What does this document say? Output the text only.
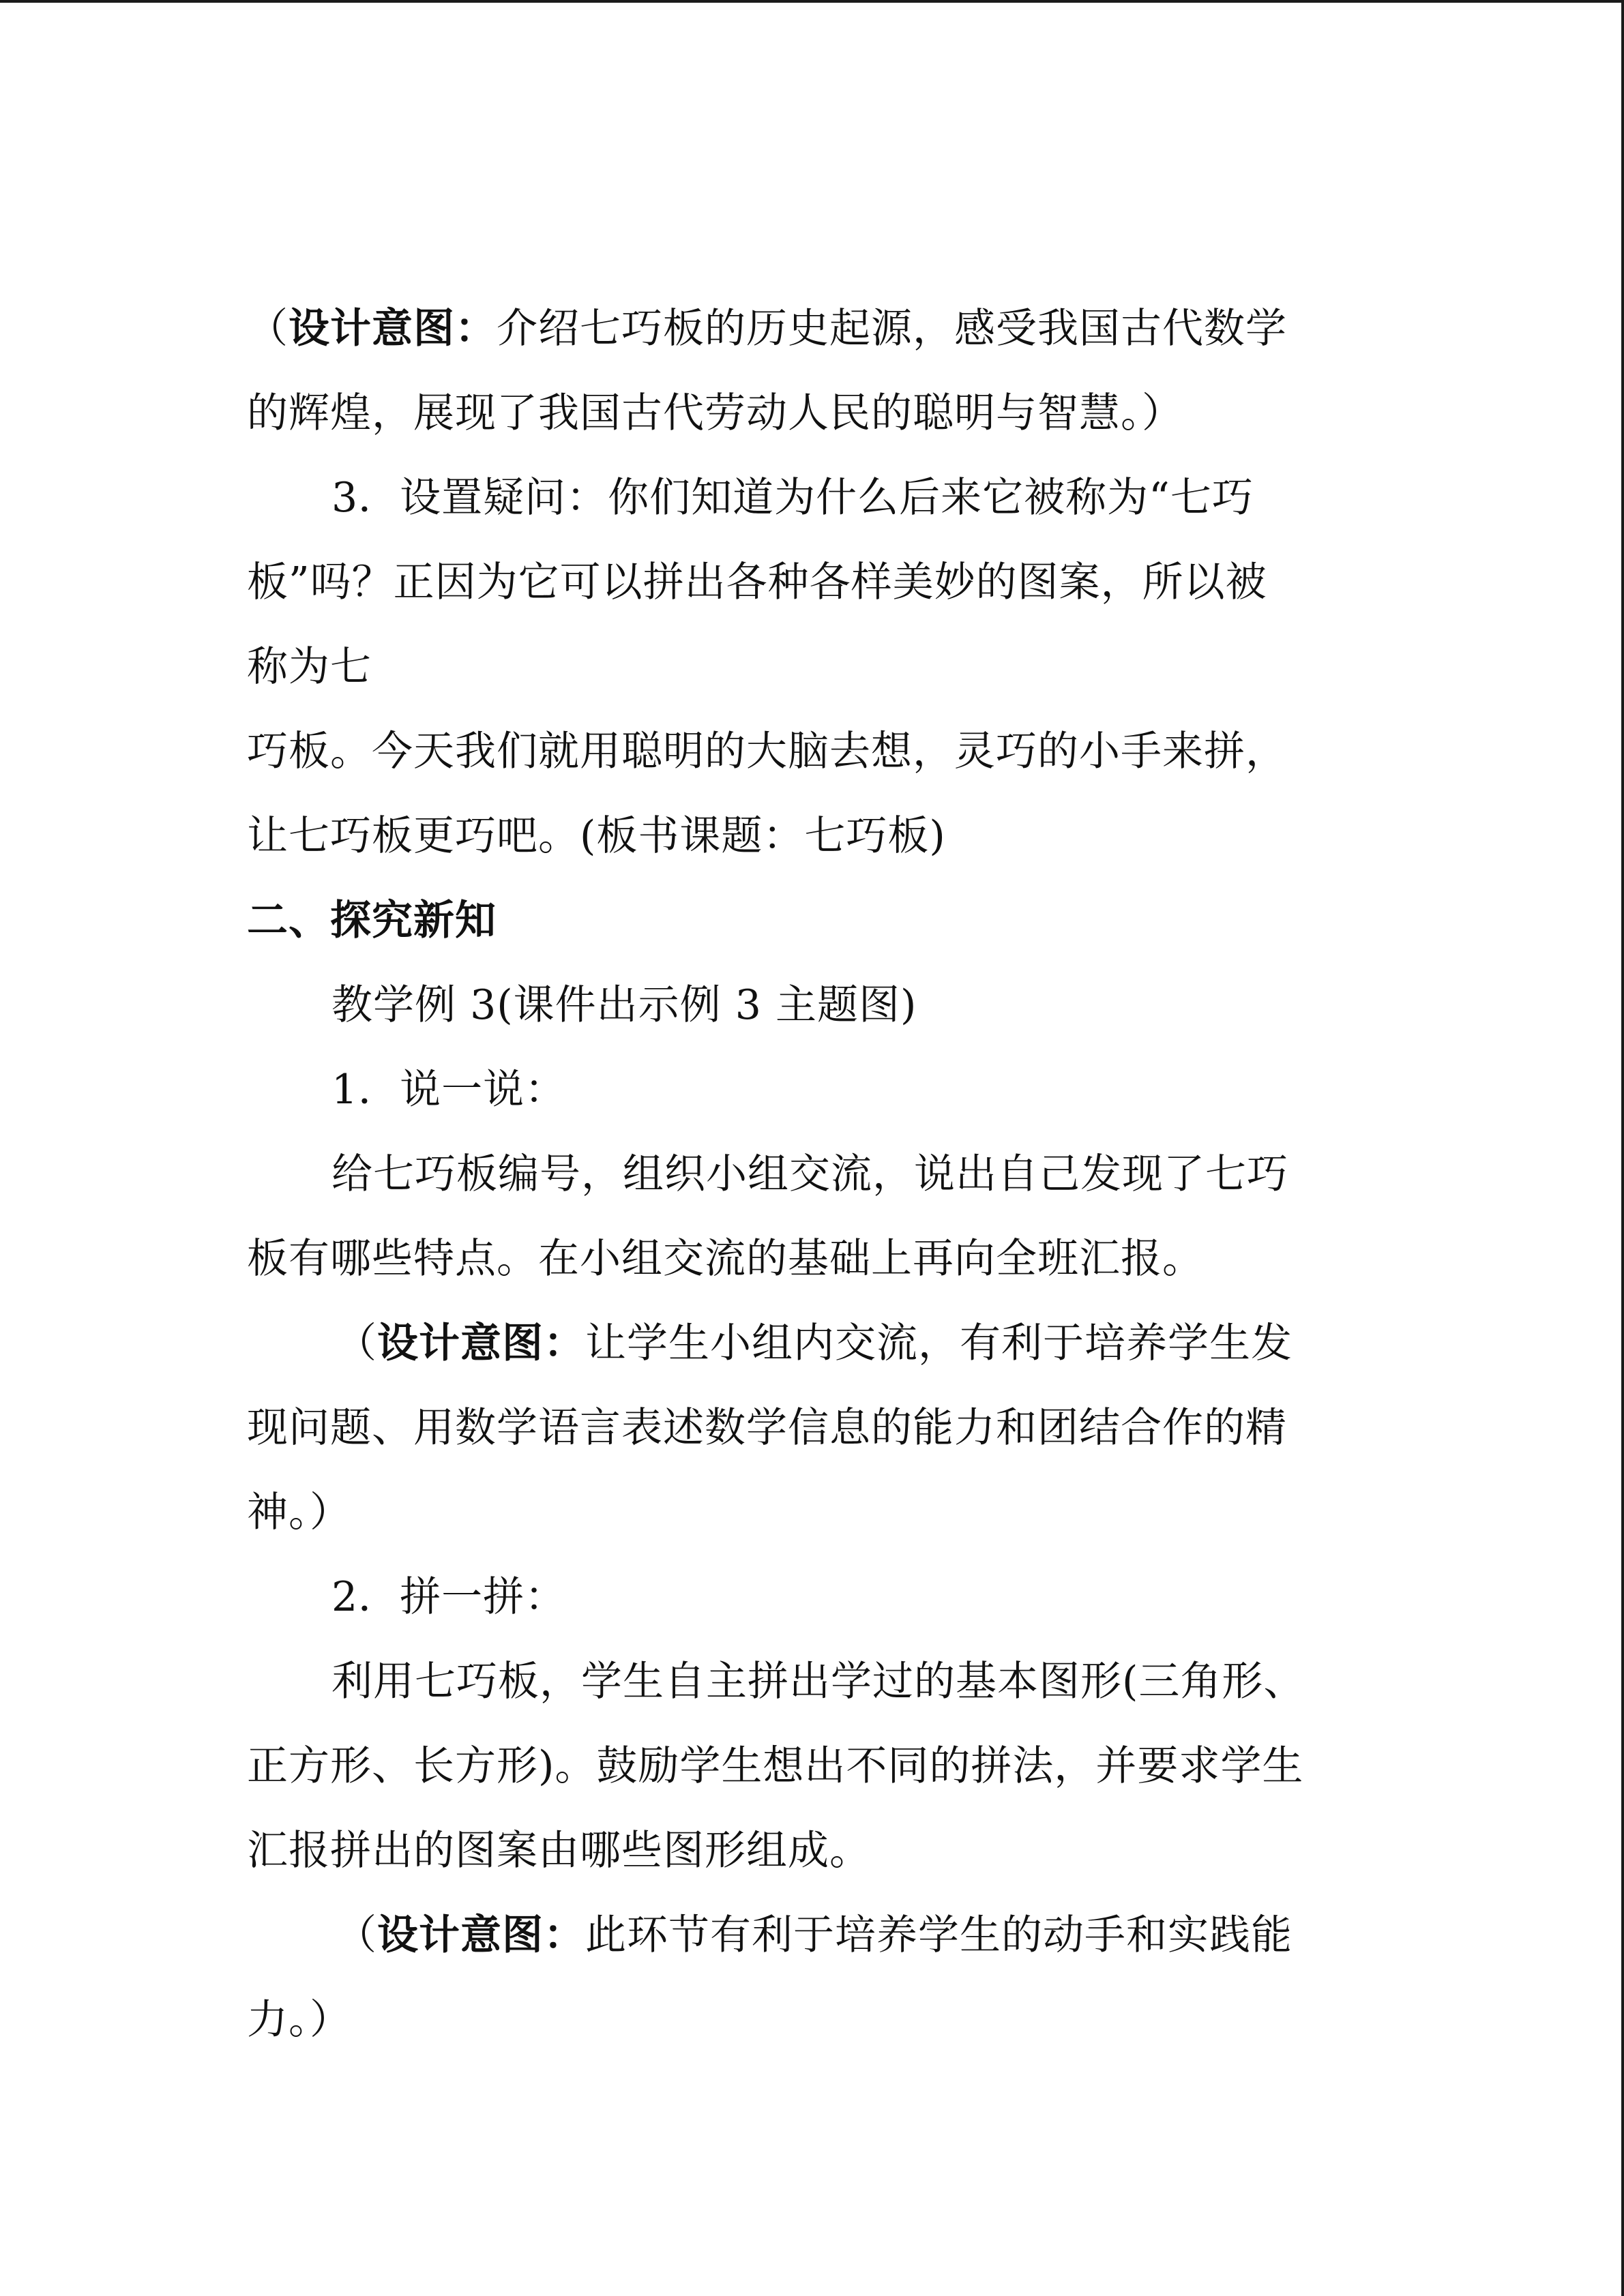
（设计意图：介绍七巧板的历史起源，感受我国古代数学
的辉煌，展现了我国古代劳动人民的聪明与智慧。）
3．设置疑问：你们知道为什么后来它被称为“七巧
板”吗？正因为它可以拼出各种各样美妙的图案，所以被
称为七
巧板。今天我们就用聪明的大脑去想，灵巧的小手来拼，
让七巧板更巧吧。(板书课题：七巧板)
二、探究新知
教学例 3(课件出示例 3 主题图)
1．说一说：
给七巧板编号，组织小组交流，说出自己发现了七巧
板有哪些特点。在小组交流的基础上再向全班汇报。
（设计意图：让学生小组内交流，有利于培养学生发
现问题、用数学语言表述数学信息的能力和团结合作的精
神。）
2．拼一拼：
利用七巧板，学生自主拼出学过的基本图形(三角形、
正方形、长方形)。鼓励学生想出不同的拼法，并要求学生
汇报拼出的图案由哪些图形组成。
（设计意图：此环节有利于培养学生的动手和实践能
力。）
